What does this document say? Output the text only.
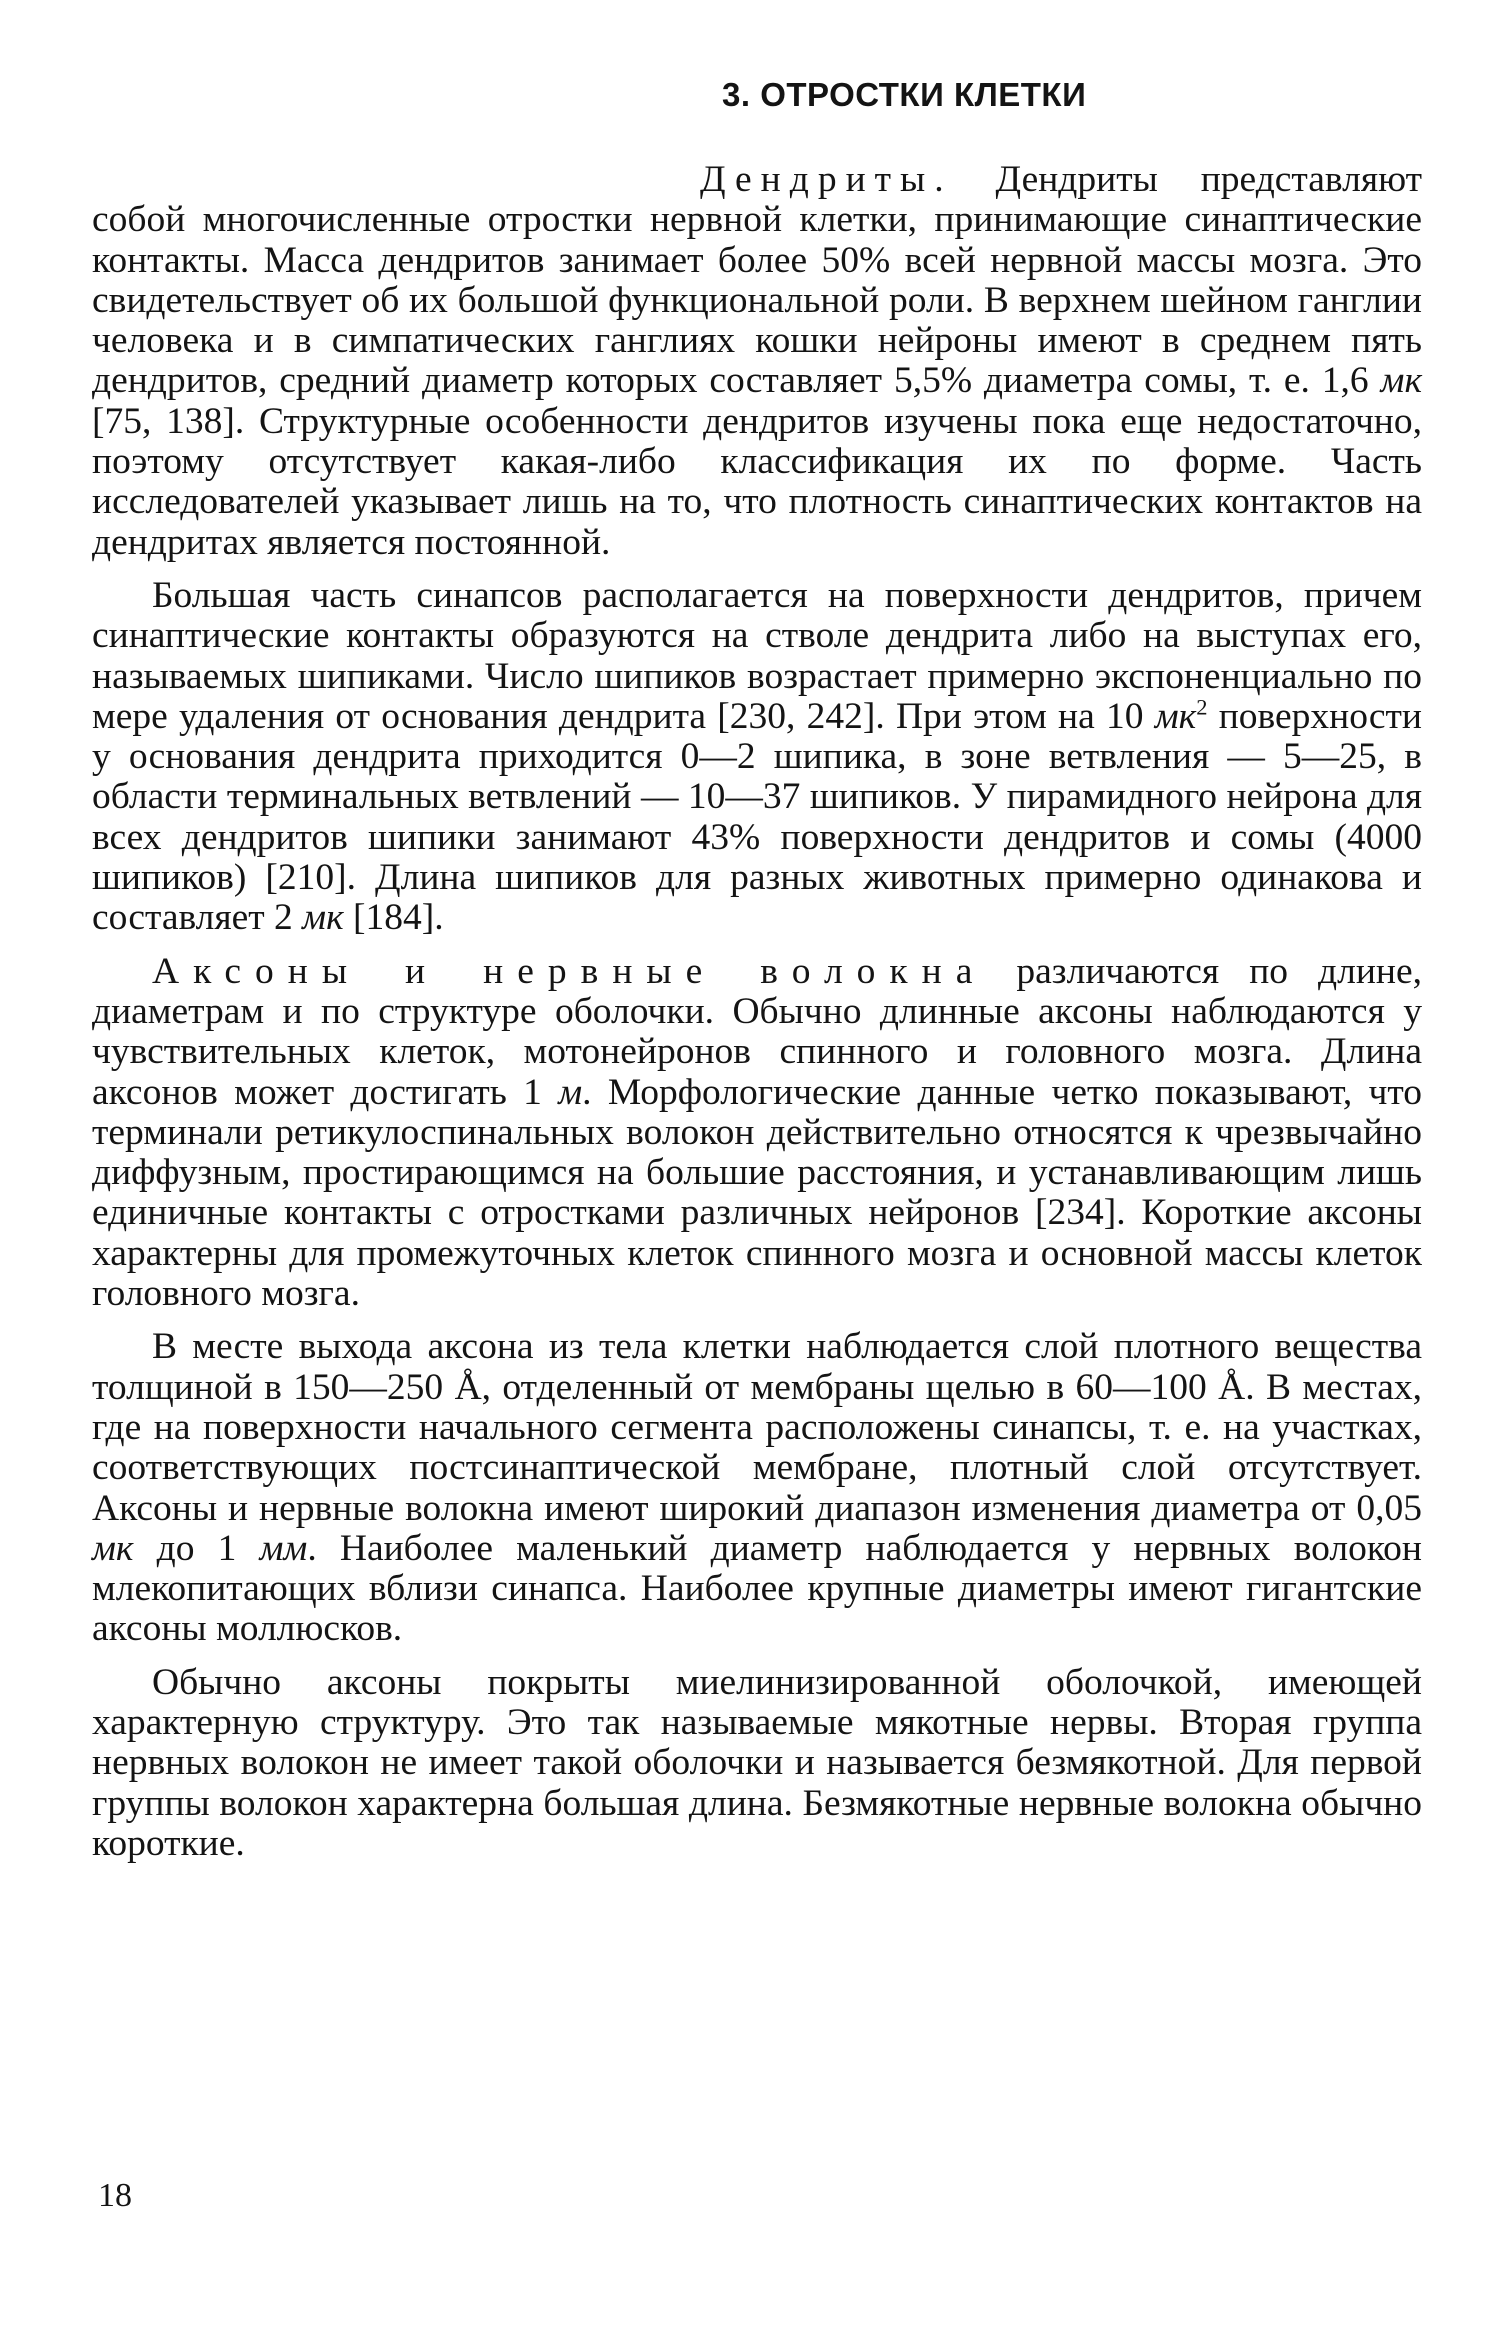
3. ОТРОСТКИ КЛЕТКИ

Дендриты. Дендриты представляют собой многочисленные отростки нервной клетки, принимающие синаптические контакты. Масса дендритов занимает более 50% всей нервной массы мозга. Это свидетельствует об их большой функциональной роли. В верхнем шейном ганглии человека и в симпатических ганглиях кошки нейроны имеют в среднем пять дендритов, средний диаметр которых составляет 5,5% диаметра сомы, т. е. 1,6 мк [75, 138]. Структурные особенности дендритов изучены пока еще недостаточно, поэтому отсутствует какая-либо классификация их по форме. Часть исследователей указывает лишь на то, что плотность синаптических контактов на дендритах является постоянной.

Большая часть синапсов располагается на поверхности дендритов, причем синаптические контакты образуются на стволе дендрита либо на выступах его, называемых шипиками. Число шипиков возрастает примерно экспоненциально по мере удаления от основания дендрита [230, 242]. При этом на 10 $мк^2$ поверхности у основания дендрита приходится 0—2 шипика, в зоне ветвления — 5—25, в области терминальных ветвлений — 10—37 шипиков. У пирамидного нейрона для всех дендритов шипики занимают 43% поверхности дендритов и сомы (4000 шипиков) [210]. Длина шипиков для разных животных примерно одинакова и составляет 2 мк [184].

Аксоны и нервные волокна различаются по длине, диаметрам и по структуре оболочки. Обычно длинные аксоны наблюдаются у чувствительных клеток, мотонейронов спинного и головного мозга. Длина аксонов может достигать 1 м. Морфологические данные четко показывают, что терминали ретикулоспинальных волокон действительно относятся к чрезвычайно диффузным, простирающимся на большие расстояния, и устанавливающим лишь единичные контакты с отростками различных нейронов [234]. Короткие аксоны характерны для промежуточных клеток спинного мозга и основной массы клеток головного мозга.

В месте выхода аксона из тела клетки наблюдается слой плотного вещества толщиной в 150—250 Å, отделенный от мембраны щелью в 60—100 Å. В местах, где на поверхности начального сегмента расположены синапсы, т. е. на участках, соответствующих постсинаптической мембране, плотный слой отсутствует. Аксоны и нервные волокна имеют широкий диапазон изменения диаметра от 0,05 мк до 1 мм. Наиболее маленький диаметр наблюдается у нервных волокон млекопитающих вблизи синапса. Наиболее крупные диаметры имеют гигантские аксоны моллюсков.

Обычно аксоны покрыты миелинизированной оболочкой, имеющей характерную структуру. Это так называемые мякотные нервы. Вторая группа нервных волокон не имеет такой оболочки и называется безмякотной. Для первой группы волокон характерна большая длина. Безмякотные нервные волокна обычно короткие.

18
